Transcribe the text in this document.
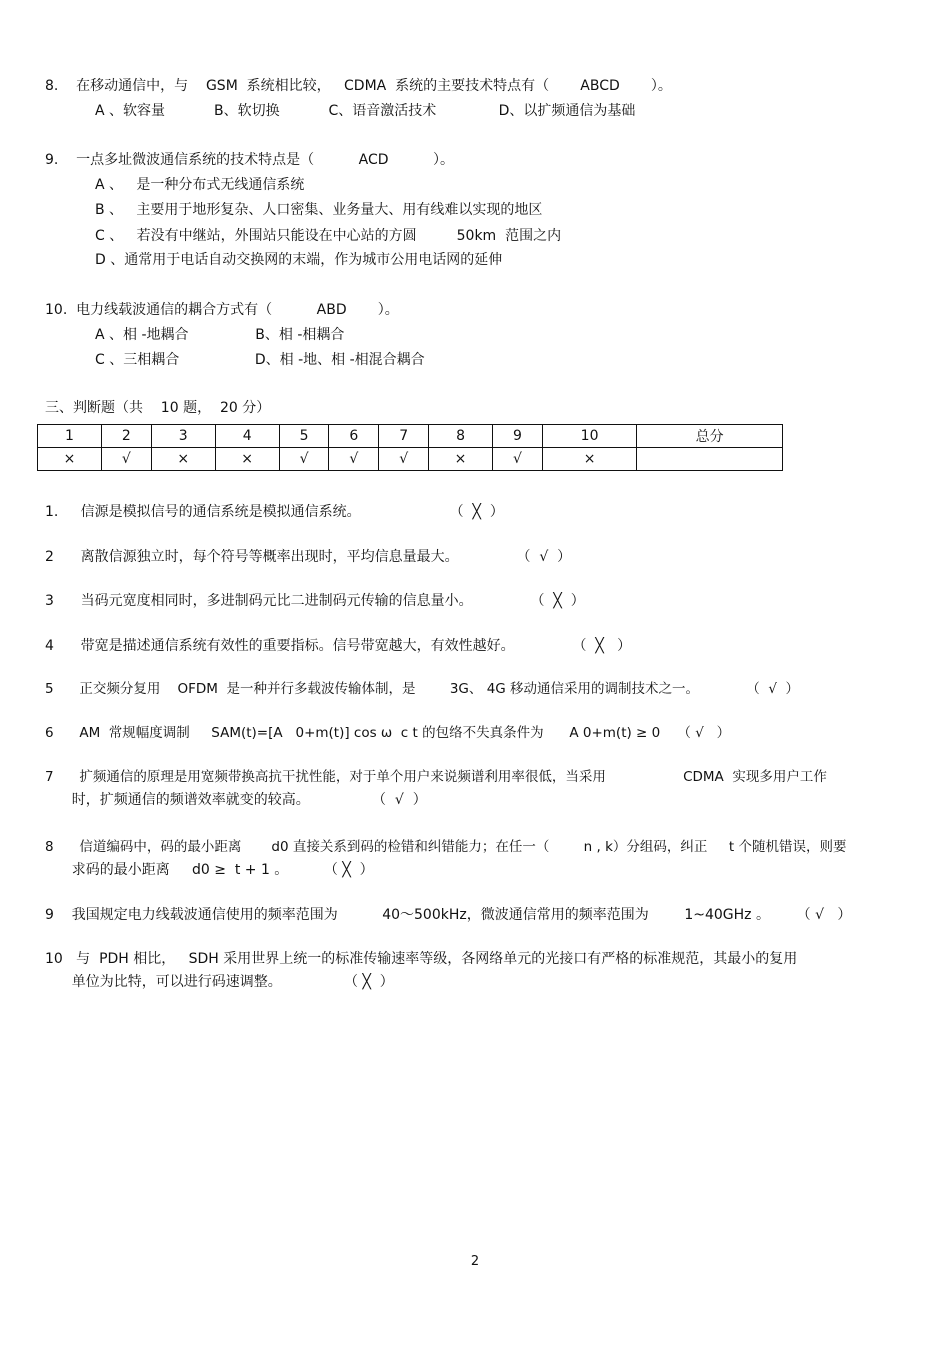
8.    在移动通信中，与    GSM  系统相比较，   CDMA  系统的主要技术特点有（       ABCD       ）。
A 、软容量           B、软切换           C、语音激活技术              D、以扩频通信为基础
9.    一点多址微波通信系统的技术特点是（          ACD          ）。
A 、   是一种分布式无线通信系统
B 、   主要用于地形复杂、人口密集、业务量大、用有线难以实现的地区
C 、   若没有中继站，外围站只能设在中心站的方圆         50km  范围之内
D 、通常用于电话自动交换网的末端，作为城市公用电话网的延伸
10.  电力线载波通信的耦合方式有（          ABD       ）。
A 、相 -地耦合               B、相 -相耦合
C 、三相耦合                 D、相 -地、相 -相混合耦合
三、判断题（共    10 题，  20 分）
1	2	3	4	5	6	7	8	9	10	总分
×	√	×	×	√	√	√	×	√	×	
1.     信源是模拟信号的通信系统是模拟通信系统。                    （  ╳  ）
2      离散信源独立时，每个符号等概率出现时，平均信息量最大。             （  √  ）
3      当码元宽度相同时，多进制码元比二进制码元传输的信息量小。             （  ╳  ）
4      带宽是描述通信系统有效性的重要指标。信号带宽越大，有效性越好。             （  ╳   ）
5      正交频分复用    OFDM  是一种并行多载波传输体制，是        3G、 4G 移动通信采用的调制技术之一。           （  √  ）
6      AM  常规幅度调制     SAM(t)=[A   0+m(t)] cos ω  c t 的包络不失真条件为      A 0+m(t) ≥ 0    （ √   ）
7      扩频通信的原理是用宽频带换高抗干扰性能，对于单个用户来说频谱利用率很低，当采用                  CDMA  实现多用户工作
时，扩频通信的频谱效率就变的较高。              （  √  ）
8      信道编码中，码的最小距离       d0 直接关系到码的检错和纠错能力；在任一（        n , k）分组码，纠正     t 个随机错误，则要
求码的最小距离     d0 ≥  t + 1 。        （ ╳  ）
9    我国规定电力线载波通信使用的频率范围为          40～500kHz，微波通信常用的频率范围为        1~40GHz 。      （ √   ）
10   与  PDH 相比，   SDH 采用世界上统一的标准传输速率等级，各网络单元的光接口有严格的标准规范，其最小的复用
单位为比特，可以进行码速调整。              （ ╳  ）
2
